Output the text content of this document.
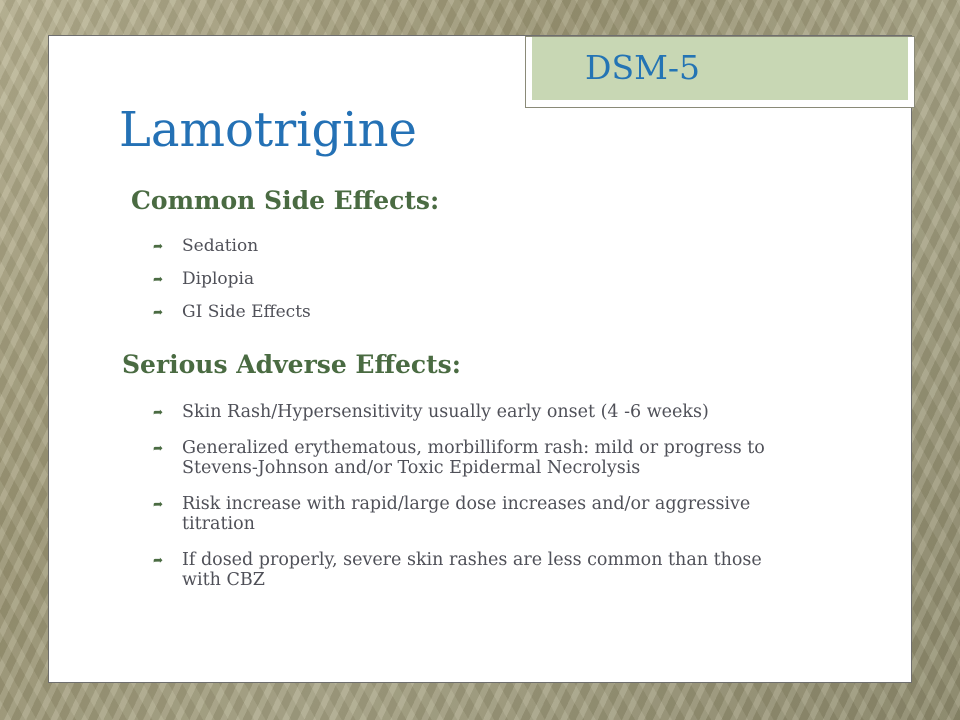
DSM-5
Lamotrigine
Common Side Effects:
➦	Sedation
➦	Diplopia
➦	GI Side Effects
Serious Adverse Effects:
➦	Skin Rash/Hypersensitivity usually early onset (4 -6 weeks)
➦	Generalized erythematous, morbilliform rash: mild or progress to
Stevens-Johnson and/or Toxic Epidermal Necrolysis
➦	Risk increase with rapid/large dose increases and/or aggressive
titration
➦	If dosed properly, severe skin rashes are less common than those
with CBZ
